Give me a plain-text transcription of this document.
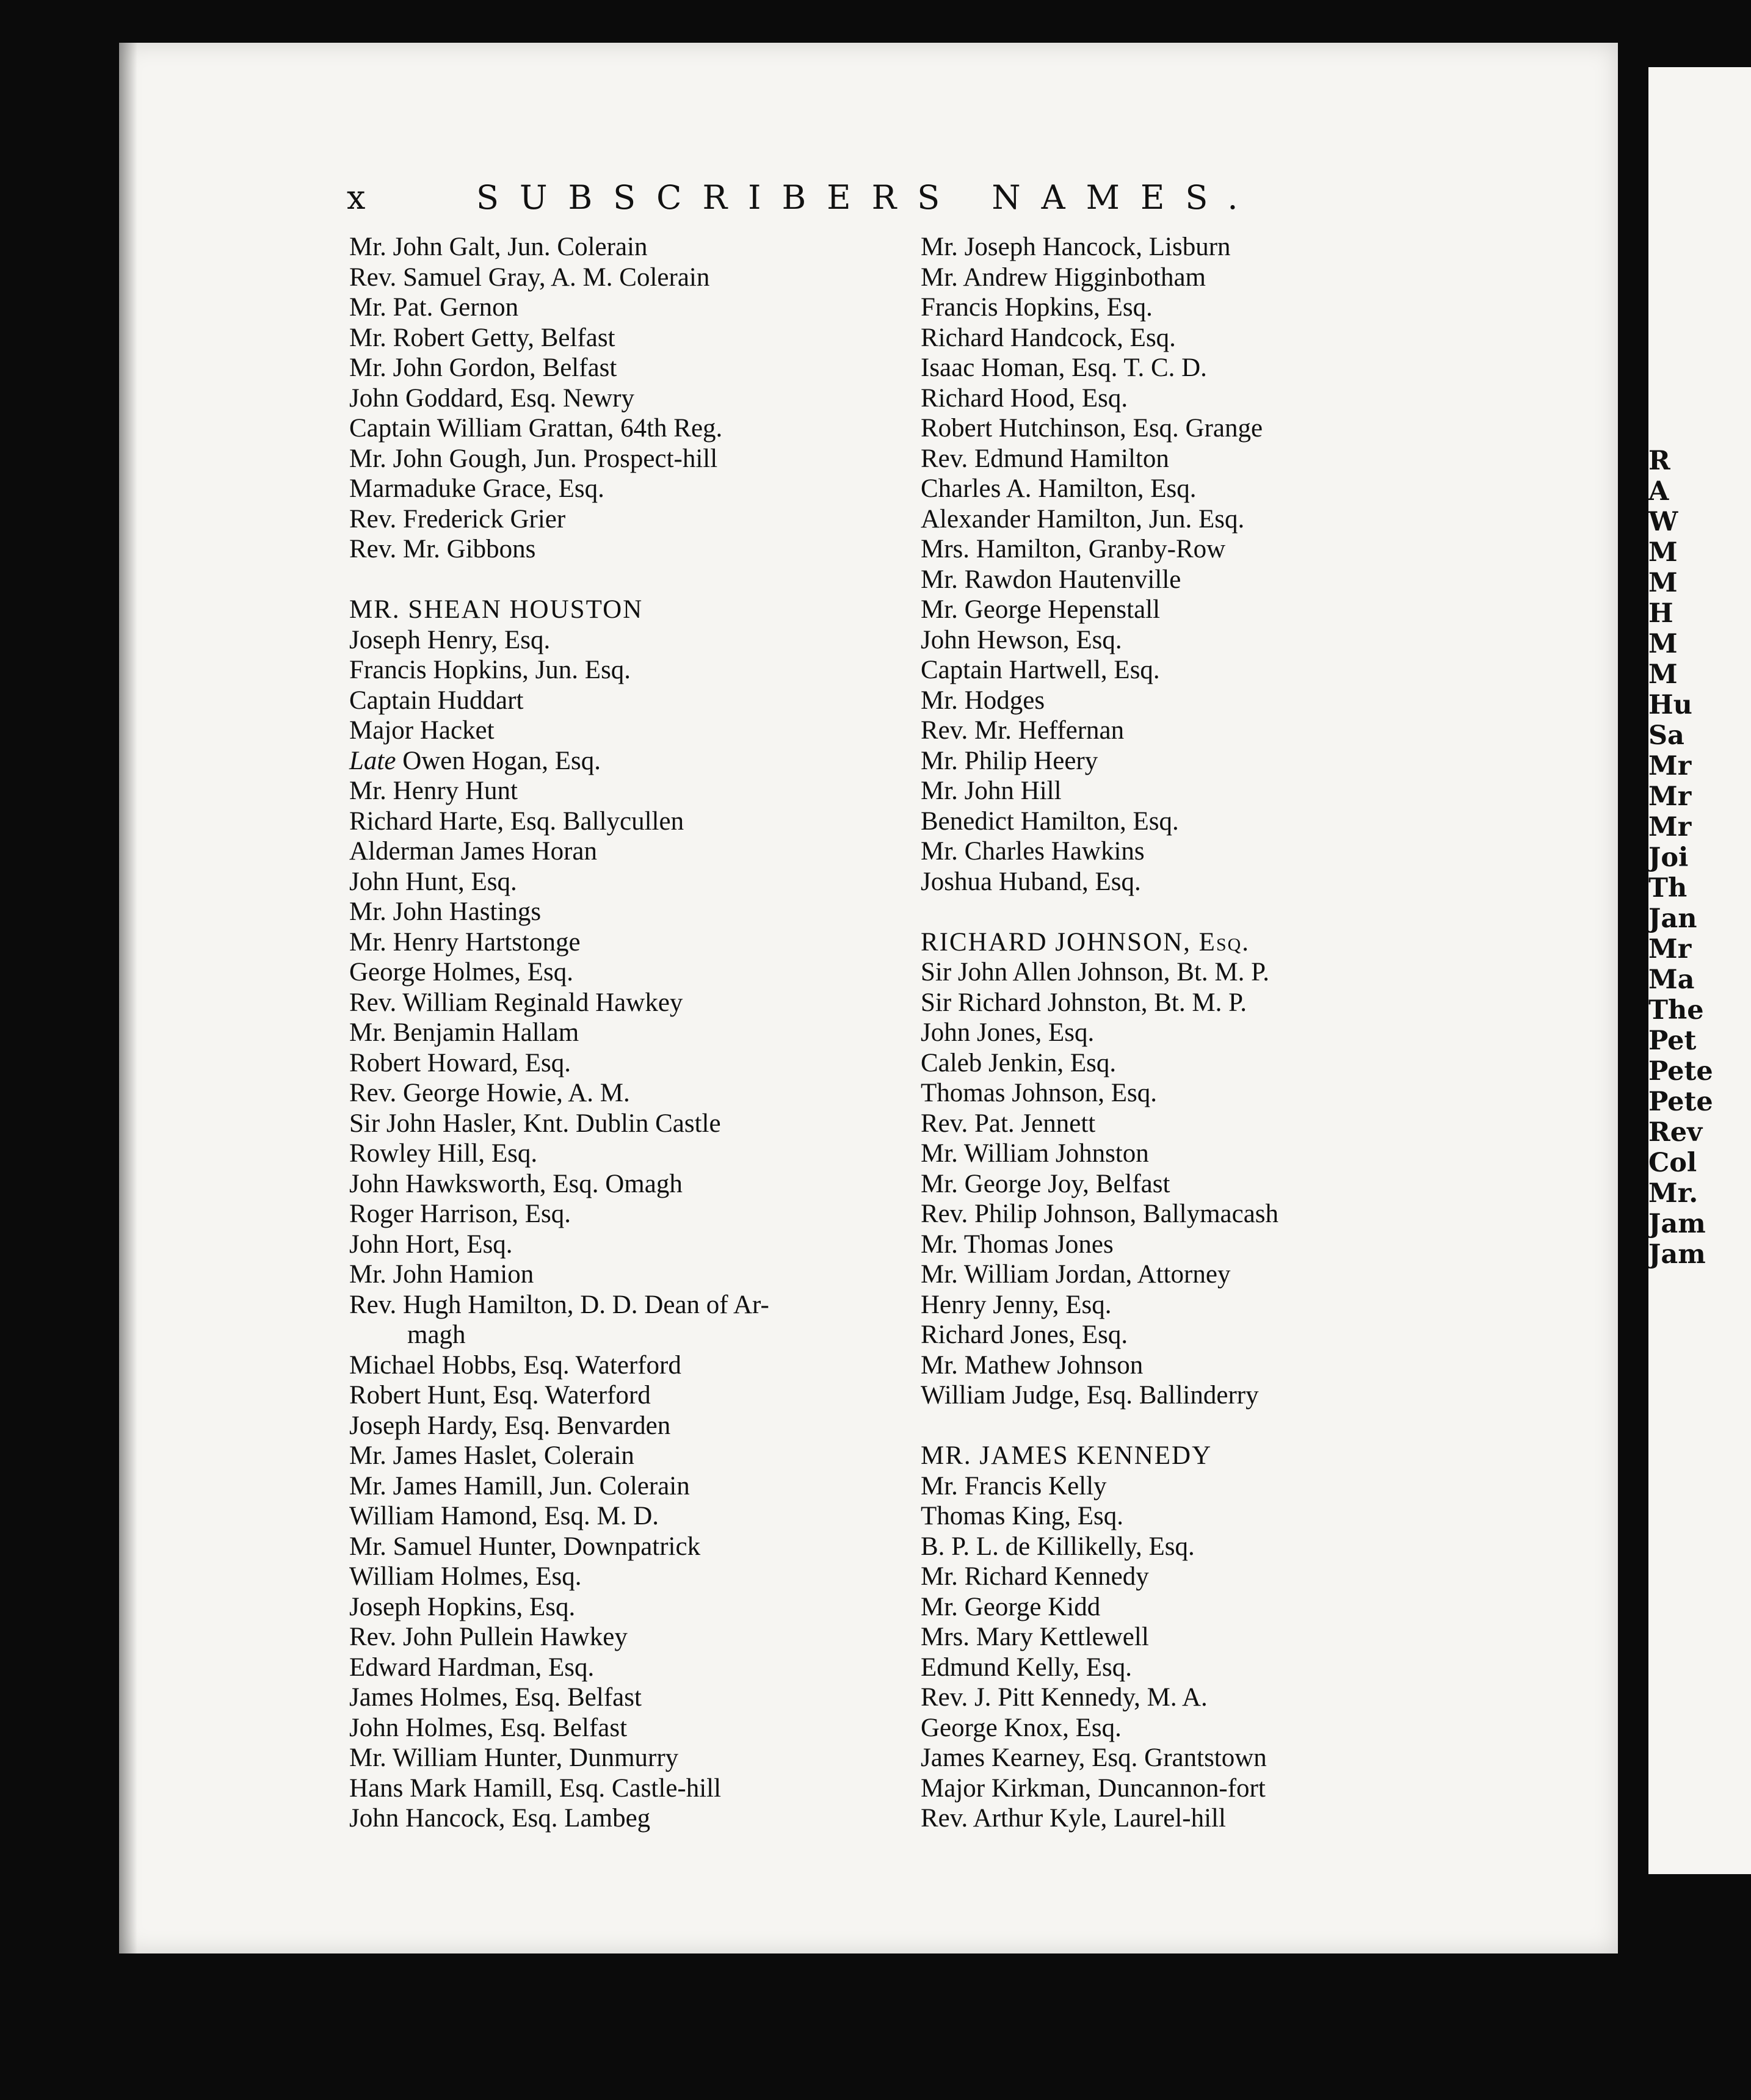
x	SUBSCRIBERS NAMES.
Mr. John Galt, Jun. Colerain
Rev. Samuel Gray, A. M. Colerain
Mr. Pat. Gernon
Mr. Robert Getty, Belfast
Mr. John Gordon, Belfast
John Goddard, Esq. Newry
Captain William Grattan, 64th Reg.
Mr. John Gough, Jun. Prospect-hill
Marmaduke Grace, Esq.
Rev. Frederick Grier
Rev. Mr. Gibbons
MR. SHEAN HOUSTON
Joseph Henry, Esq.
Francis Hopkins, Jun. Esq.
Captain Huddart
Major Hacket
Late Owen Hogan, Esq.
Mr. Henry Hunt
Richard Harte, Esq. Ballycullen
Alderman James Horan
John Hunt, Esq.
Mr. John Hastings
Mr. Henry Hartstonge
George Holmes, Esq.
Rev. William Reginald Hawkey
Mr. Benjamin Hallam
Robert Howard, Esq.
Rev. George Howie, A. M.
Sir John Hasler, Knt. Dublin Castle
Rowley Hill, Esq.
John Hawksworth, Esq. Omagh
Roger Harrison, Esq.
John Hort, Esq.
Mr. John Hamion
Rev. Hugh Hamilton, D. D. Dean of Ar-
magh
Michael Hobbs, Esq. Waterford
Robert Hunt, Esq. Waterford
Joseph Hardy, Esq. Benvarden
Mr. James Haslet, Colerain
Mr. James Hamill, Jun. Colerain
William Hamond, Esq. M. D.
Mr. Samuel Hunter, Downpatrick
William Holmes, Esq.
Joseph Hopkins, Esq.
Rev. John Pullein Hawkey
Edward Hardman, Esq.
James Holmes, Esq. Belfast
John Holmes, Esq. Belfast
Mr. William Hunter, Dunmurry
Hans Mark Hamill, Esq. Castle-hill
John Hancock, Esq. Lambeg
Mr. Joseph Hancock, Lisburn
Mr. Andrew Higginbotham
Francis Hopkins, Esq.
Richard Handcock, Esq.
Isaac Homan, Esq. T. C. D.
Richard Hood, Esq.
Robert Hutchinson, Esq. Grange
Rev. Edmund Hamilton
Charles A. Hamilton, Esq.
Alexander Hamilton, Jun. Esq.
Mrs. Hamilton, Granby-Row
Mr. Rawdon Hautenville
Mr. George Hepenstall
John Hewson, Esq.
Captain Hartwell, Esq.
Mr. Hodges
Rev. Mr. Heffernan
Mr. Philip Heery
Mr. John Hill
Benedict Hamilton, Esq.
Mr. Charles Hawkins
Joshua Huband, Esq.
RICHARD JOHNSON, Esq.
Sir John Allen Johnson, Bt. M. P.
Sir Richard Johnston, Bt. M. P.
John Jones, Esq.
Caleb Jenkin, Esq.
Thomas Johnson, Esq.
Rev. Pat. Jennett
Mr. William Johnston
Mr. George Joy, Belfast
Rev. Philip Johnson, Ballymacash
Mr. Thomas Jones
Mr. William Jordan, Attorney
Henry Jenny, Esq.
Richard Jones, Esq.
Mr. Mathew Johnson
William Judge, Esq. Ballinderry
MR. JAMES KENNEDY
Mr. Francis Kelly
Thomas King, Esq.
B. P. L. de Killikelly, Esq.
Mr. Richard Kennedy
Mr. George Kidd
Mrs. Mary Kettlewell
Edmund Kelly, Esq.
Rev. J. Pitt Kennedy, M. A.
George Knox, Esq.
James Kearney, Esq. Grantstown
Major Kirkman, Duncannon-fort
Rev. Arthur Kyle, Laurel-hill
R
A
W
M
M
H
M
M
Hu
Sa
Mr
Mr
Mr
Joi
Th
Jan
Mr
Ma
The
Pet
Pete
Pete
Rev
Col
Mr.
Jam
Jam
